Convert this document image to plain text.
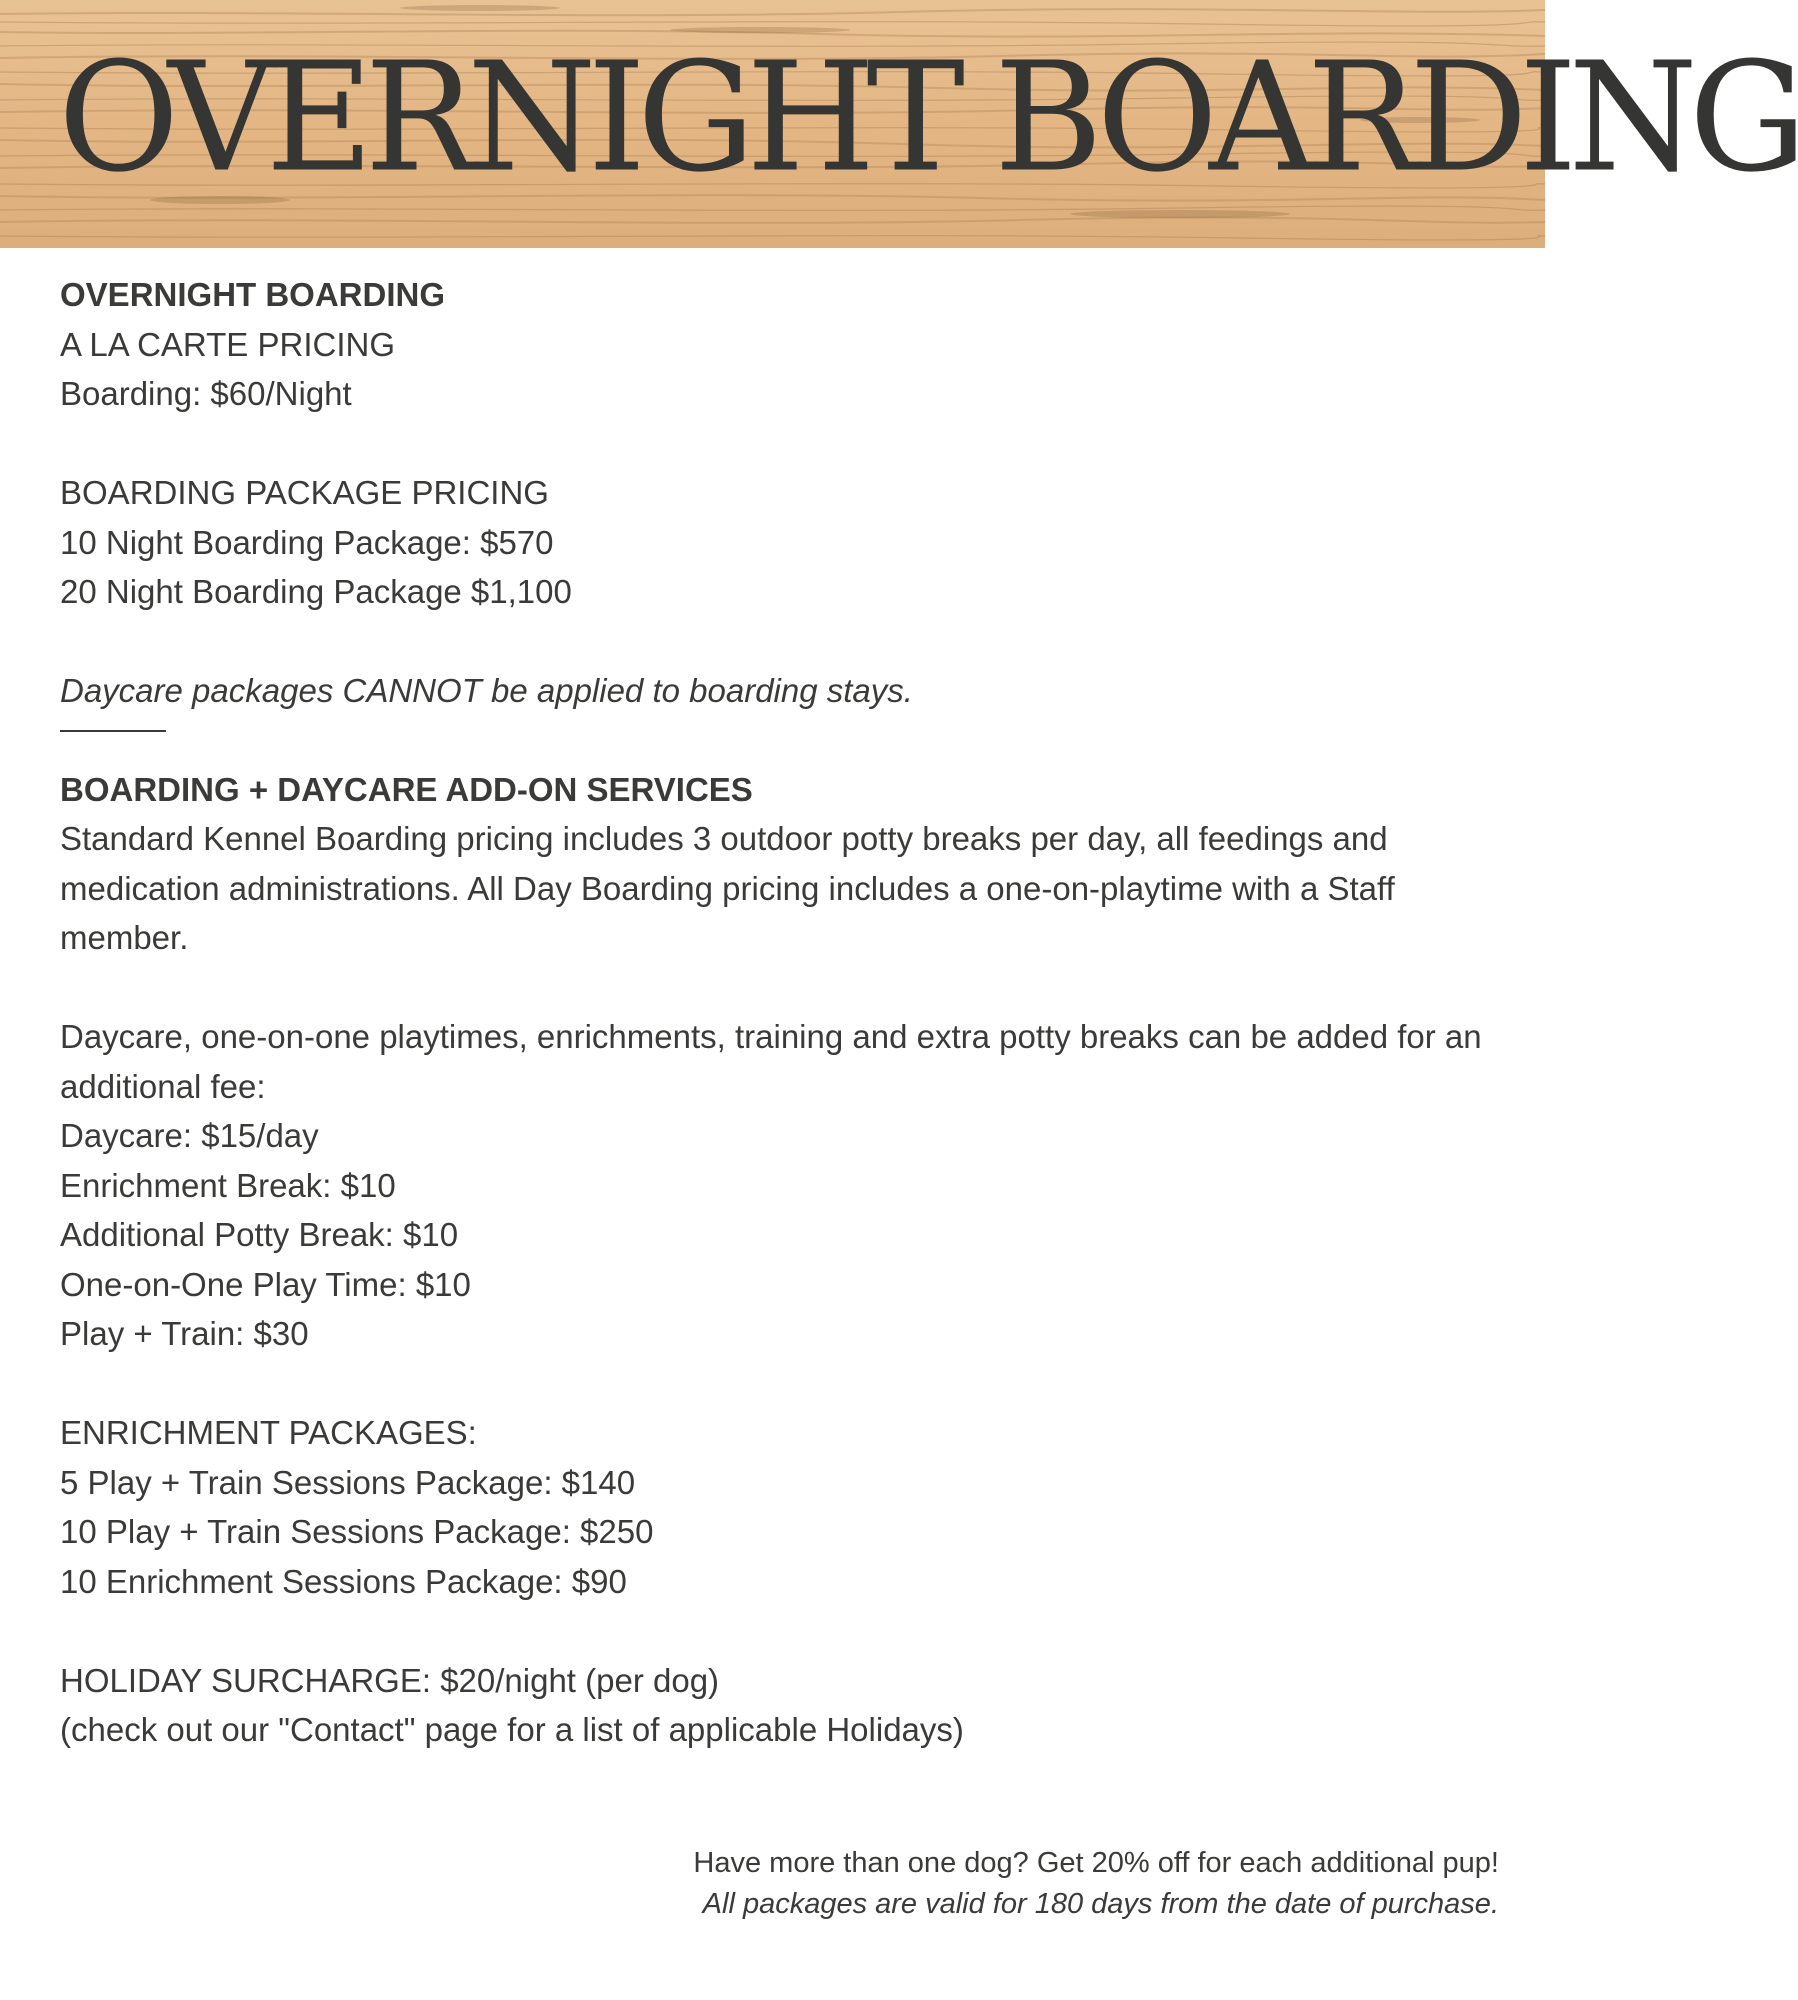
OVERNIGHT BOARDING

OVERNIGHT BOARDING

A LA CARTE PRICING

Boarding: $60/Night

BOARDING PACKAGE PRICING

10 Night Boarding Package: $570

20 Night Boarding Package $1,100

Daycare packages CANNOT be applied to boarding stays.

BOARDING + DAYCARE ADD-ON SERVICES

Standard Kennel Boarding pricing includes 3 outdoor potty breaks per day, all feedings and medication administrations. All Day Boarding pricing includes a one-on-playtime with a Staff member.

Daycare, one-on-one playtimes, enrichments, training and extra potty breaks can be added for an additional fee:

Daycare: $15/day

Enrichment Break: $10

Additional Potty Break: $10

One-on-One Play Time: $10

Play + Train: $30

ENRICHMENT PACKAGES:

5 Play + Train Sessions Package: $140

10 Play + Train Sessions Package: $250

10 Enrichment Sessions Package: $90

HOLIDAY SURCHARGE: $20/night (per dog)

(check out our "Contact" page for a list of applicable Holidays)

Have more than one dog? Get 20% off for each additional pup!

All packages are valid for 180 days from the date of purchase.
